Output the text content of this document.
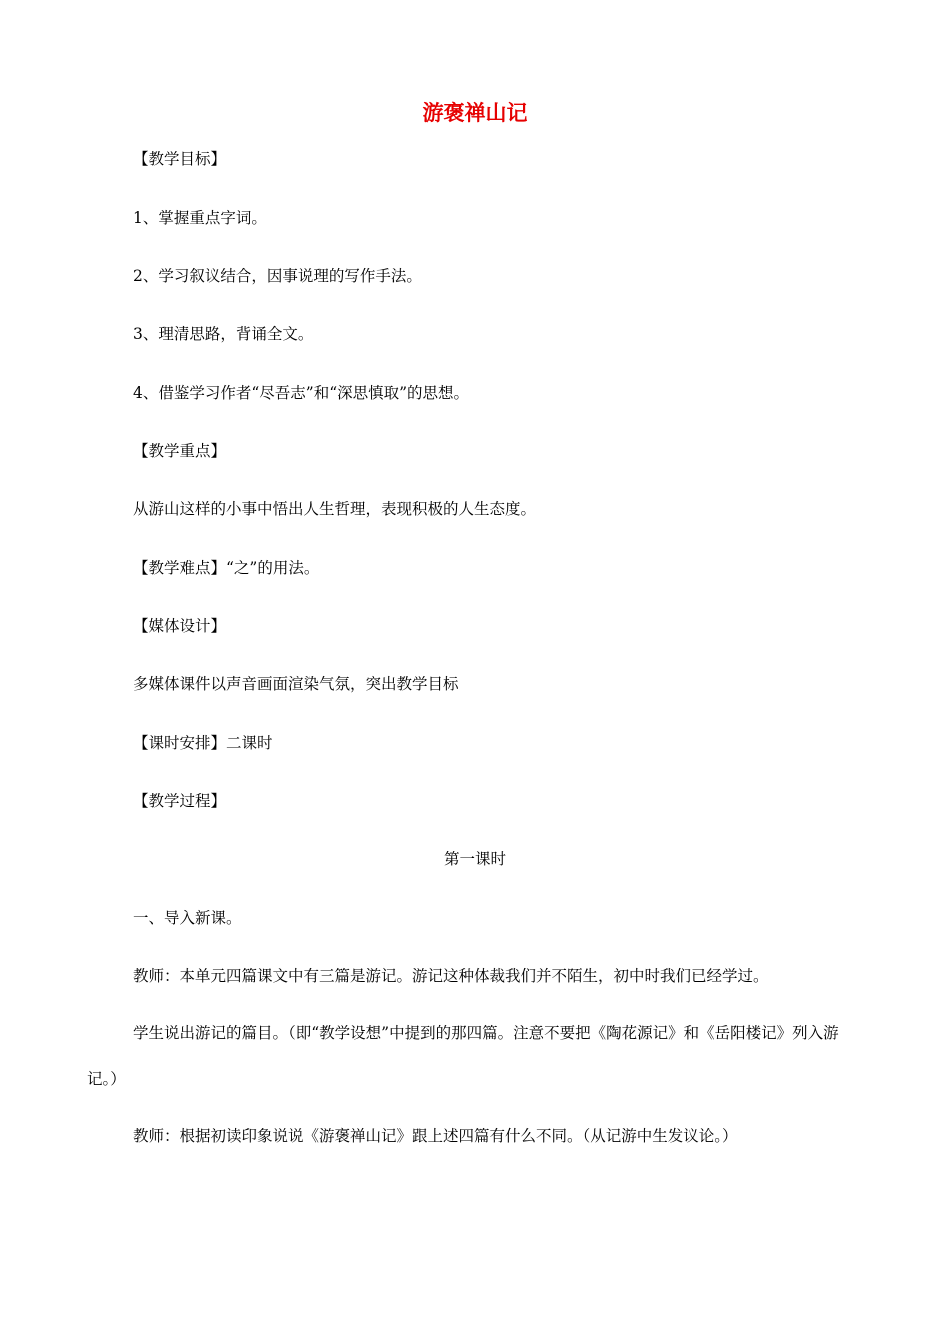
游褒禅山记
【教学目标】
1、掌握重点字词。
2、学习叙议结合，因事说理的写作手法。
3、理清思路，背诵全文。
4、借鉴学习作者“尽吾志”和“深思慎取”的思想。
【教学重点】
从游山这样的小事中悟出人生哲理，表现积极的人生态度。
【教学难点】“之”的用法。
【媒体设计】
多媒体课件以声音画面渲染气氛，突出教学目标
【课时安排】二课时
【教学过程】
第一课时
一、导入新课。
教师：本单元四篇课文中有三篇是游记。游记这种体裁我们并不陌生，初中时我们已经学过。
学生说出游记的篇目。（即“教学设想”中提到的那四篇。注意不要把《陶花源记》和《岳阳楼记》列入游记。）
教师：根据初读印象说说《游褒禅山记》跟上述四篇有什么不同。（从记游中生发议论。）
